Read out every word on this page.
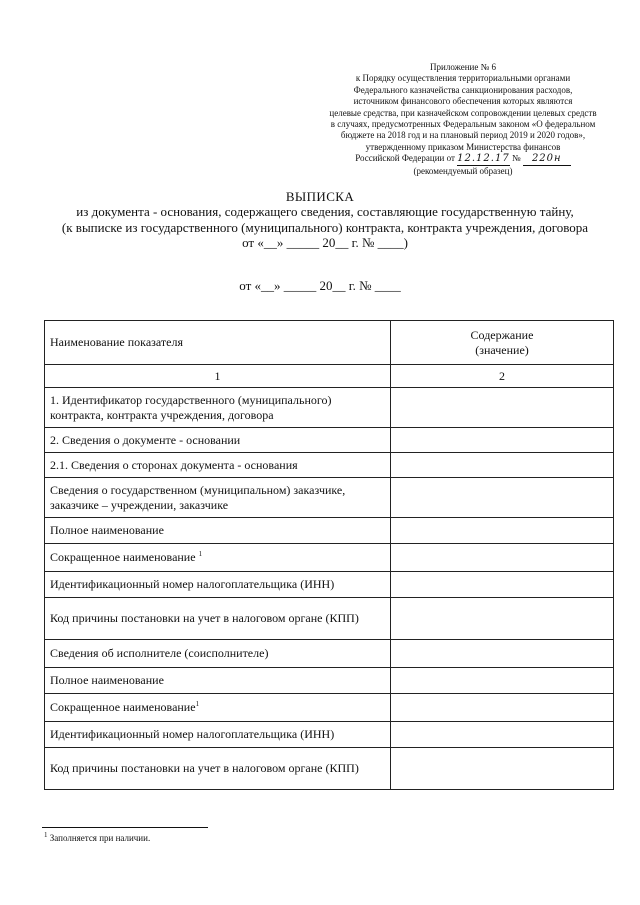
Приложение № 6
к Порядку осуществления территориальными органами
Федерального казначейства санкционирования расходов,
источником финансового обеспечения которых являются
целевые средства, при казначейском сопровождении целевых средств
в случаях, предусмотренных Федеральным законом «О федеральном
бюджете на 2018 год и на плановый период 2019 и 2020 годов»,
утвержденному приказом Министерства финансов
Российской Федерации от 12.12.17 № 220н
(рекомендуемый образец)
ВЫПИСКА
из документа - основания, содержащего сведения, составляющие государственную тайну,
(к выписке из государственного (муниципального) контракта, контракта учреждения, договора
от «__» _____ 20__ г. № ____)
от «__» _____ 20__ г. № ____
Наименование показателя	Содержание
(значение)

1	2
1. Идентификатор государственного (муниципального) контракта, контракта учреждения, договора	
2. Сведения о документе - основании	
2.1. Сведения о сторонах документа - основания	
Сведения о государственном (муниципальном) заказчике, заказчике – учреждении, заказчике	
Полное наименование	
Сокращенное наименование $^1$	
Идентификационный номер налогоплательщика (ИНН)	
Код причины постановки на учет в налоговом органе (КПП)	
Сведения об исполнителе (соисполнителе)	
Полное наименование	
Сокращенное наименование$^1$	
Идентификационный номер налогоплательщика (ИНН)	
Код причины постановки на учет в налоговом органе (КПП)	
$^1$ Заполняется при наличии.
